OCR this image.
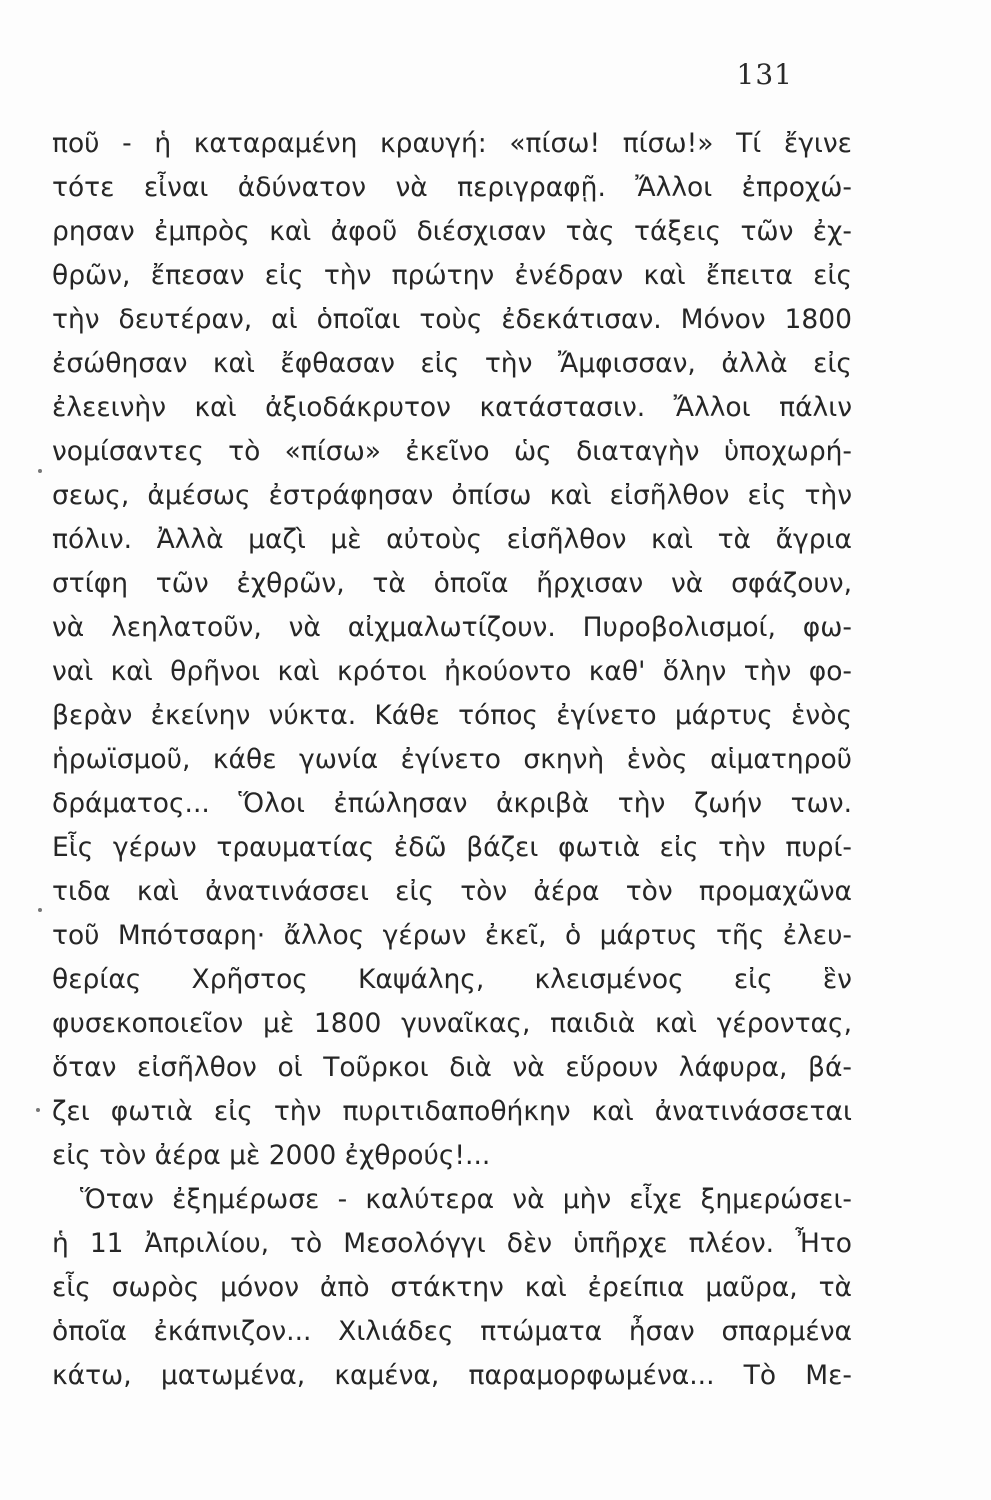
131
ποῦ - ἡ καταραμένη κραυγή: «πίσω! πίσω!» Τί ἔγινε
τότε εἶναι ἀδύνατον νὰ περιγραφῇ. Ἄλλοι ἐπροχώ-
ρησαν ἐμπρὸς καὶ ἀφοῦ διέσχισαν τὰς τάξεις τῶν ἐχ-
θρῶν, ἔπεσαν εἰς τὴν πρώτην ἐνέδραν καὶ ἔπειτα εἰς
τὴν δευτέραν, αἱ ὁποῖαι τοὺς ἐδεκάτισαν. Μόνον 1800
ἐσώθησαν καὶ ἔφθασαν εἰς τὴν Ἄμφισσαν, ἀλλὰ εἰς
ἐλεεινὴν καὶ ἀξιοδάκρυτον κατάστασιν. Ἄλλοι πάλιν
νομίσαντες τὸ «πίσω» ἐκεῖνο ὡς διαταγὴν ὑποχωρή-
σεως, ἀμέσως ἐστράφησαν ὀπίσω καὶ εἰσῆλθον εἰς τὴν
πόλιν. Ἀλλὰ μαζὶ μὲ αὐτοὺς εἰσῆλθον καὶ τὰ ἄγρια
στίφη τῶν ἐχθρῶν, τὰ ὁποῖα ἤρχισαν νὰ σφάζουν,
νὰ λεηλατοῦν, νὰ αἰχμαλωτίζουν. Πυροβολισμοί, φω-
ναὶ καὶ θρῆνοι καὶ κρότοι ἠκούοντο καθ' ὅλην τὴν φο-
βερὰν ἐκείνην νύκτα. Κάθε τόπος ἐγίνετο μάρτυς ἑνὸς
ἡρωϊσμοῦ, κάθε γωνία ἐγίνετο σκηνὴ ἑνὸς αἱματηροῦ
δράματος... Ὅλοι ἐπώλησαν ἀκριβὰ τὴν ζωήν των.
Εἷς γέρων τραυματίας ἐδῶ βάζει φωτιὰ εἰς τὴν πυρί-
τιδα καὶ ἀνατινάσσει εἰς τὸν ἀέρα τὸν προμαχῶνα
τοῦ Μπότσαρη· ἄλλος γέρων ἐκεῖ, ὁ μάρτυς τῆς ἐλευ-
θερίας Χρῆστος Καψάλης, κλεισμένος εἰς ἓν
φυσεκοποιεῖον μὲ 1800 γυναῖκας, παιδιὰ καὶ γέροντας,
ὅταν εἰσῆλθον οἱ Τοῦρκοι διὰ νὰ εὕρουν λάφυρα, βά-
ζει φωτιὰ εἰς τὴν πυριτιδαποθήκην καὶ ἀνατινάσσεται
εἰς τὸν ἀέρα μὲ 2000 ἐχθρούς!...
Ὅταν ἐξημέρωσε - καλύτερα νὰ μὴν εἶχε ξημερώσει-
ἡ 11 Ἀπριλίου, τὸ Μεσολόγγι δὲν ὑπῆρχε πλέον. Ἦτο
εἷς σωρὸς μόνον ἀπὸ στάκτην καὶ ἐρείπια μαῦρα, τὰ
ὁποῖα ἐκάπνιζον... Χιλιάδες πτώματα ἦσαν σπαρμένα
κάτω, ματωμένα, καμένα, παραμορφωμένα... Τὸ Με-
